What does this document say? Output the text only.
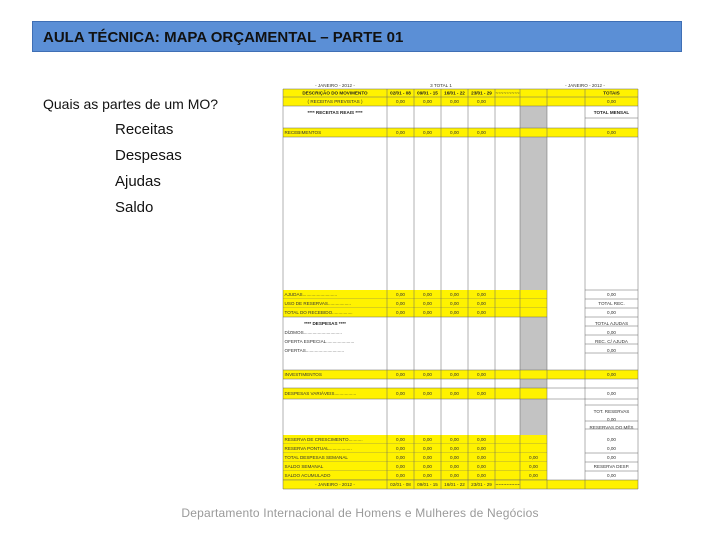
AULA TÉCNICA: MAPA ORÇAMENTAL – PARTE 01
Quais as partes de um MO?
Receitas
Despesas
Ajudas
Saldo
- JANEIRO - 2012 -	3 TOTAL 1	- JANEIRO - 2012 -
DESCRIÇÃO DO MOVIMENTO	02/01 - 08 09/01 - 15 16/01 - 22 23/01 - 29 ~~~~~~~~~	TOTAIS
( RECEITAS PREVISTAS )	0,00	0,00	0,00	0,00	0,00
**** RECEITAS REAIS ****	TOTAL MENSAL
RECEBIMENTOS	0,00	0,00	0,00	0,00	0,00
AJUDAS...........................	0,00	0,00	0,00	0,00	0,00
USO DE RESERVAS..................	0,00	0,00	0,00	0,00	TOTAL REC.
TOTAL DO RECEBIDO................	0,00	0,00	0,00	0,00	0,00
**** DESPESAS ****	TOTAL AJUDAS
DÍZIMOS..............................	0,00
OFERTA ESPECIAL......................	REC. C/ AJUDA
OFERTAS..............................	0,00
INVESTIMENTOS	0,00	0,00	0,00	0,00	0,00
DESPESAS VARIÁVEIS.................	0,00	0,00	0,00	0,00	0,00
TOT. RESERVAS
0,00
RESERVAS DO MÊS
RESERVA DE CRESCIMENTO...........	0,00	0,00	0,00	0,00	0,00
RESERVA PONTUAL..................	0,00	0,00	0,00	0,00	0,00
TOTAL DESPESAS SEMANAL	0,00	0,00	0,00	0,00	0,00	0,00
SALDO SEMANAL	0,00	0,00	0,00	0,00	0,00	RESERVA DESP.
SALDO ACUMULADO	0,00	0,00	0,00	0,00	0,00	0,00
- JANEIRO - 2012 -	02/01 - 08 09/01 - 15 16/01 - 22 23/01 - 29 ~~~~~~~~~
Departamento Internacional de Homens e Mulheres de Negócios
